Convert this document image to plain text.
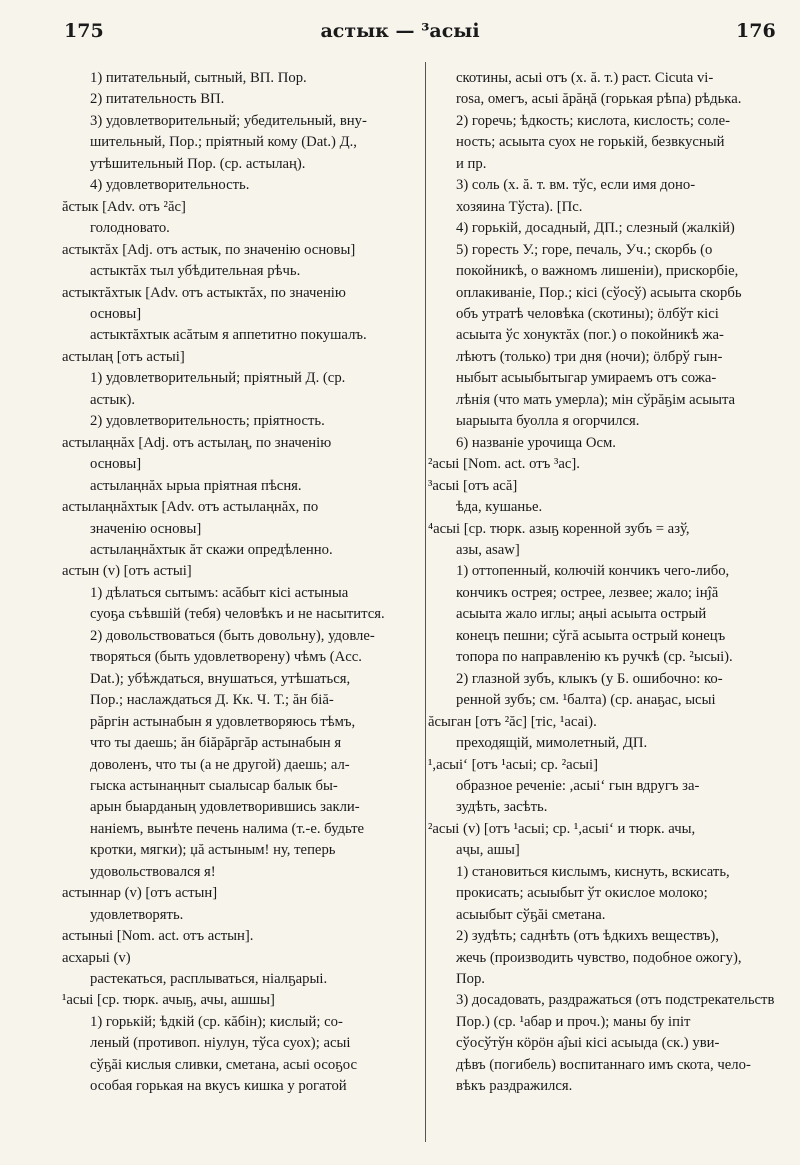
175	астык — ³асыі	176
1) питательный, сытный, ВП. Пор.
2) питательность ВП.
3) удовлетворительный; убедительный, вну-
шительный, Пор.; пріятный кому (Dat.) Д.,
утѣшительный Пор. (ср. астылаң).
4) удовлетворительность.
ăстык [Adv. отъ ²ăс]
голодновато.
астыктăх [Adj. отъ астык, по значенію основы]
астыктăх тыл убѣдительная рѣчь.
астыктăхтык [Adv. отъ астыктăх, по значенію
основы]
астыктăхтык асăтым я аппетитно покушалъ.
астылаң [отъ астыі]
1) удовлетворительный; пріятный Д. (ср.
астык).
2) удовлетворительность; пріятность.
астылаңнăх [Adj. отъ астылаң, по значенію
основы]
астылаңнăх ырыа пріятная пѣсня.
астылаңнăхтык [Adv. отъ астылаңнăх, по
значенію основы]
астылаңнăхтык ăт скажи опредѣленно.
астын (v) [отъ астыі]
1) дѣлаться сытымъ: асăбыт кісі астыныа
суоҕа съѣвшій (тебя) человѣкъ и не насытится.
2) довольствоваться (быть довольну), удовле-
творяться (быть удовлетворену) чѣмъ (Acc.
Dat.); убѣждаться, внушаться, утѣшаться,
Пор.; наслаждаться Д. Кк. Ч. Т.; ăн біă-
рăргін астынабын я удовлетворяюсь тѣмъ,
что ты даешь; ăн біăрăргăр астынабын я
доволенъ, что ты (а не другой) даешь; ал-
гыска астынаңныт сыалысар балык бы-
арын быарданың удовлетворившись закли-
наніемъ, вынѣте печень налима (т.-е. будьте
кротки, мягки); џă астыным! ну, теперь
удовольствовался я!
астыннар (v) [отъ астын]
удовлетворять.
астыныі [Nom. act. отъ астын].
асхарыі (v)
растекаться, расплываться, ніалҕарыі.
¹асыі [ср. тюрк. ачыҕ, ачы, ашшы]
1) горькій; ѣдкій (ср. кăбін); кислый; со-
леный (противоп. ніулун, тўса суох); асыі
сўҕăі кислыя сливки, сметана, асыі осоҕос
особая горькая на вкусъ кишка у рогатой
скотины, асыі отъ (х. ă. т.) раст. Cicuta vi-
rosa, омегъ, асыі ăрăңă (горькая рѣпа) рѣдька.
2) горечь; ѣдкость; кислота, кислость; соле-
ность; асыыта суох не горькій, безвкусный
и пр.
3) соль (х. ă. т. вм. тўс, если имя доно-
хозяина Тўста). [Пс.
4) горькій, досадный, ДП.; слезный (жалкій)
5) горесть У.; горе, печаль, Уч.; скорбь (о
покойникѣ, о важномъ лишеніи), прискорбіе,
оплакиваніе, Пор.; кісі (сўосў) асыыта скорбь
объ утратѣ человѣка (скотины); öлбўт кісі
асыыта ўс хонуктăх (пог.) о покойникѣ жа-
лѣютъ (только) три дня (ночи); öлбрў гын-
ныбыт асыыбытыгар умираемъ отъ сожа-
лѣнія (что мать умерла); мін сўрăҕім асыыта
ыарыыта буолла я огорчился.
6) названіе урочища Осм.
²асыі [Nom. act. отъ ³ас].
³асыі [отъ асă]
ѣда, кушанье.
⁴асыі [ср. тюрк. азыҕ коренной зубъ = азў,
азы, asaw]
1) оттопенный, колючій кончикъ чего-либо,
кончикъ острея; острее, лезвее; жало; інĵă
асыыта жало иглы; аңыі асыыта острый
конецъ пешни; сўгă асыыта острый конецъ
топора по направленію къ ручкѣ (ср. ²ысыі).
2) глазной зубъ, клыкъ (у Б. ошибочно: ко-
ренной зубъ; см. ¹балта) (ср. анаҕас, ысыі
ăсыган [отъ ²ăс] [тіс, ¹асаі).
преходящій, мимолетный, ДП.
¹,асыі‘ [отъ ¹асыі; ср. ²асыі]
образное реченіе: ,асыі‘ гын вдругъ за-
зудѣть, засѣть.
²асыі (v) [отъ ¹асыі; ср. ¹,асыі‘ и тюрк. ачы,
аҷы, ашы]
1) становиться кислымъ, киснуть, вскисать,
прокисать; асыыбыт ўт окислое молоко;
асыыбыт сўҕăі сметана.
2) зудѣть; саднѣть (отъ ѣдкихъ веществъ),
жечь (производить чувство, подобное ожогу),
Пор.
3) досадовать, раздражаться (отъ подстрекательств
Пор.) (ср. ¹абар и проч.); маны бу іпіт
сўосўтўн кöрöн аĵыі кісі асыыда (ск.) уви-
дѣвъ (погибель) воспитаннаго имъ скота, чело-
вѣкъ раздражился.
